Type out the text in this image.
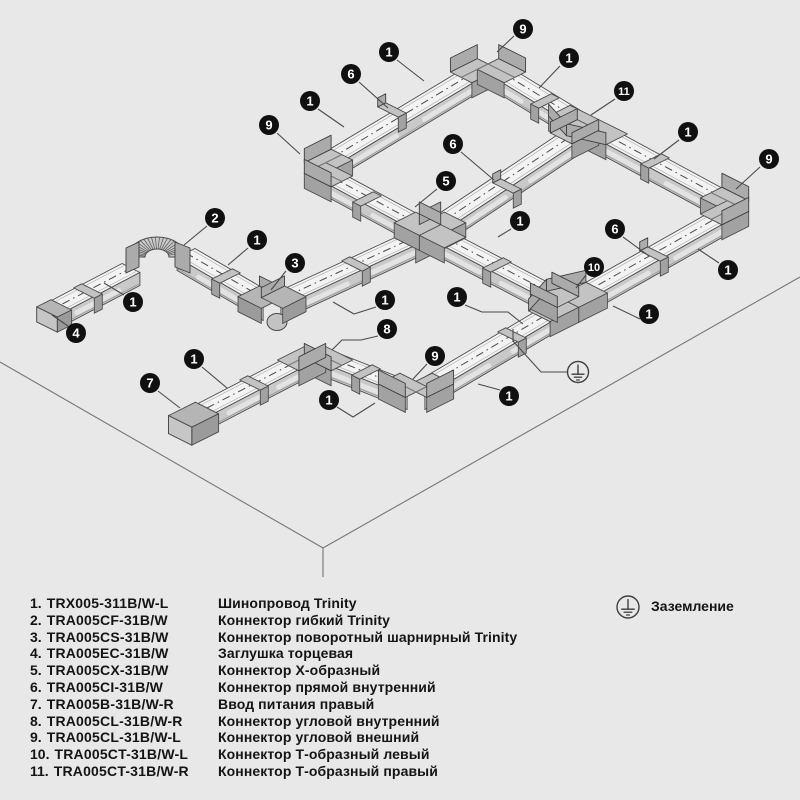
9
1	1
6
11
1
9	1
6
9
5
2	1
6
1
3	10	1
1	1
1
1
8
4
9
1
7
1	1
1. TRX005-311B/W-L	Шинопровод Trinity
2. TRA005CF-31B/W	Коннектор гибкий Trinity
3. TRA005CS-31B/W	Коннектор поворотный шарнирный Trinity
4. TRA005EC-31B/W	Заглушка торцевая
5. TRA005CX-31B/W	Коннектор X-образный
6. TRA005CI-31B/W	Коннектор прямой внутренний
7. TRA005B-31B/W-R	Ввод питания правый
8. TRA005CL-31B/W-R	Коннектор угловой внутренний
9. TRA005CL-31B/W-L	Коннектор угловой внешний
10. TRA005CT-31B/W-L Коннектор Т-образный левый
11. TRA005CT-31B/W-R Коннектор Т-образный правый
Заземление
